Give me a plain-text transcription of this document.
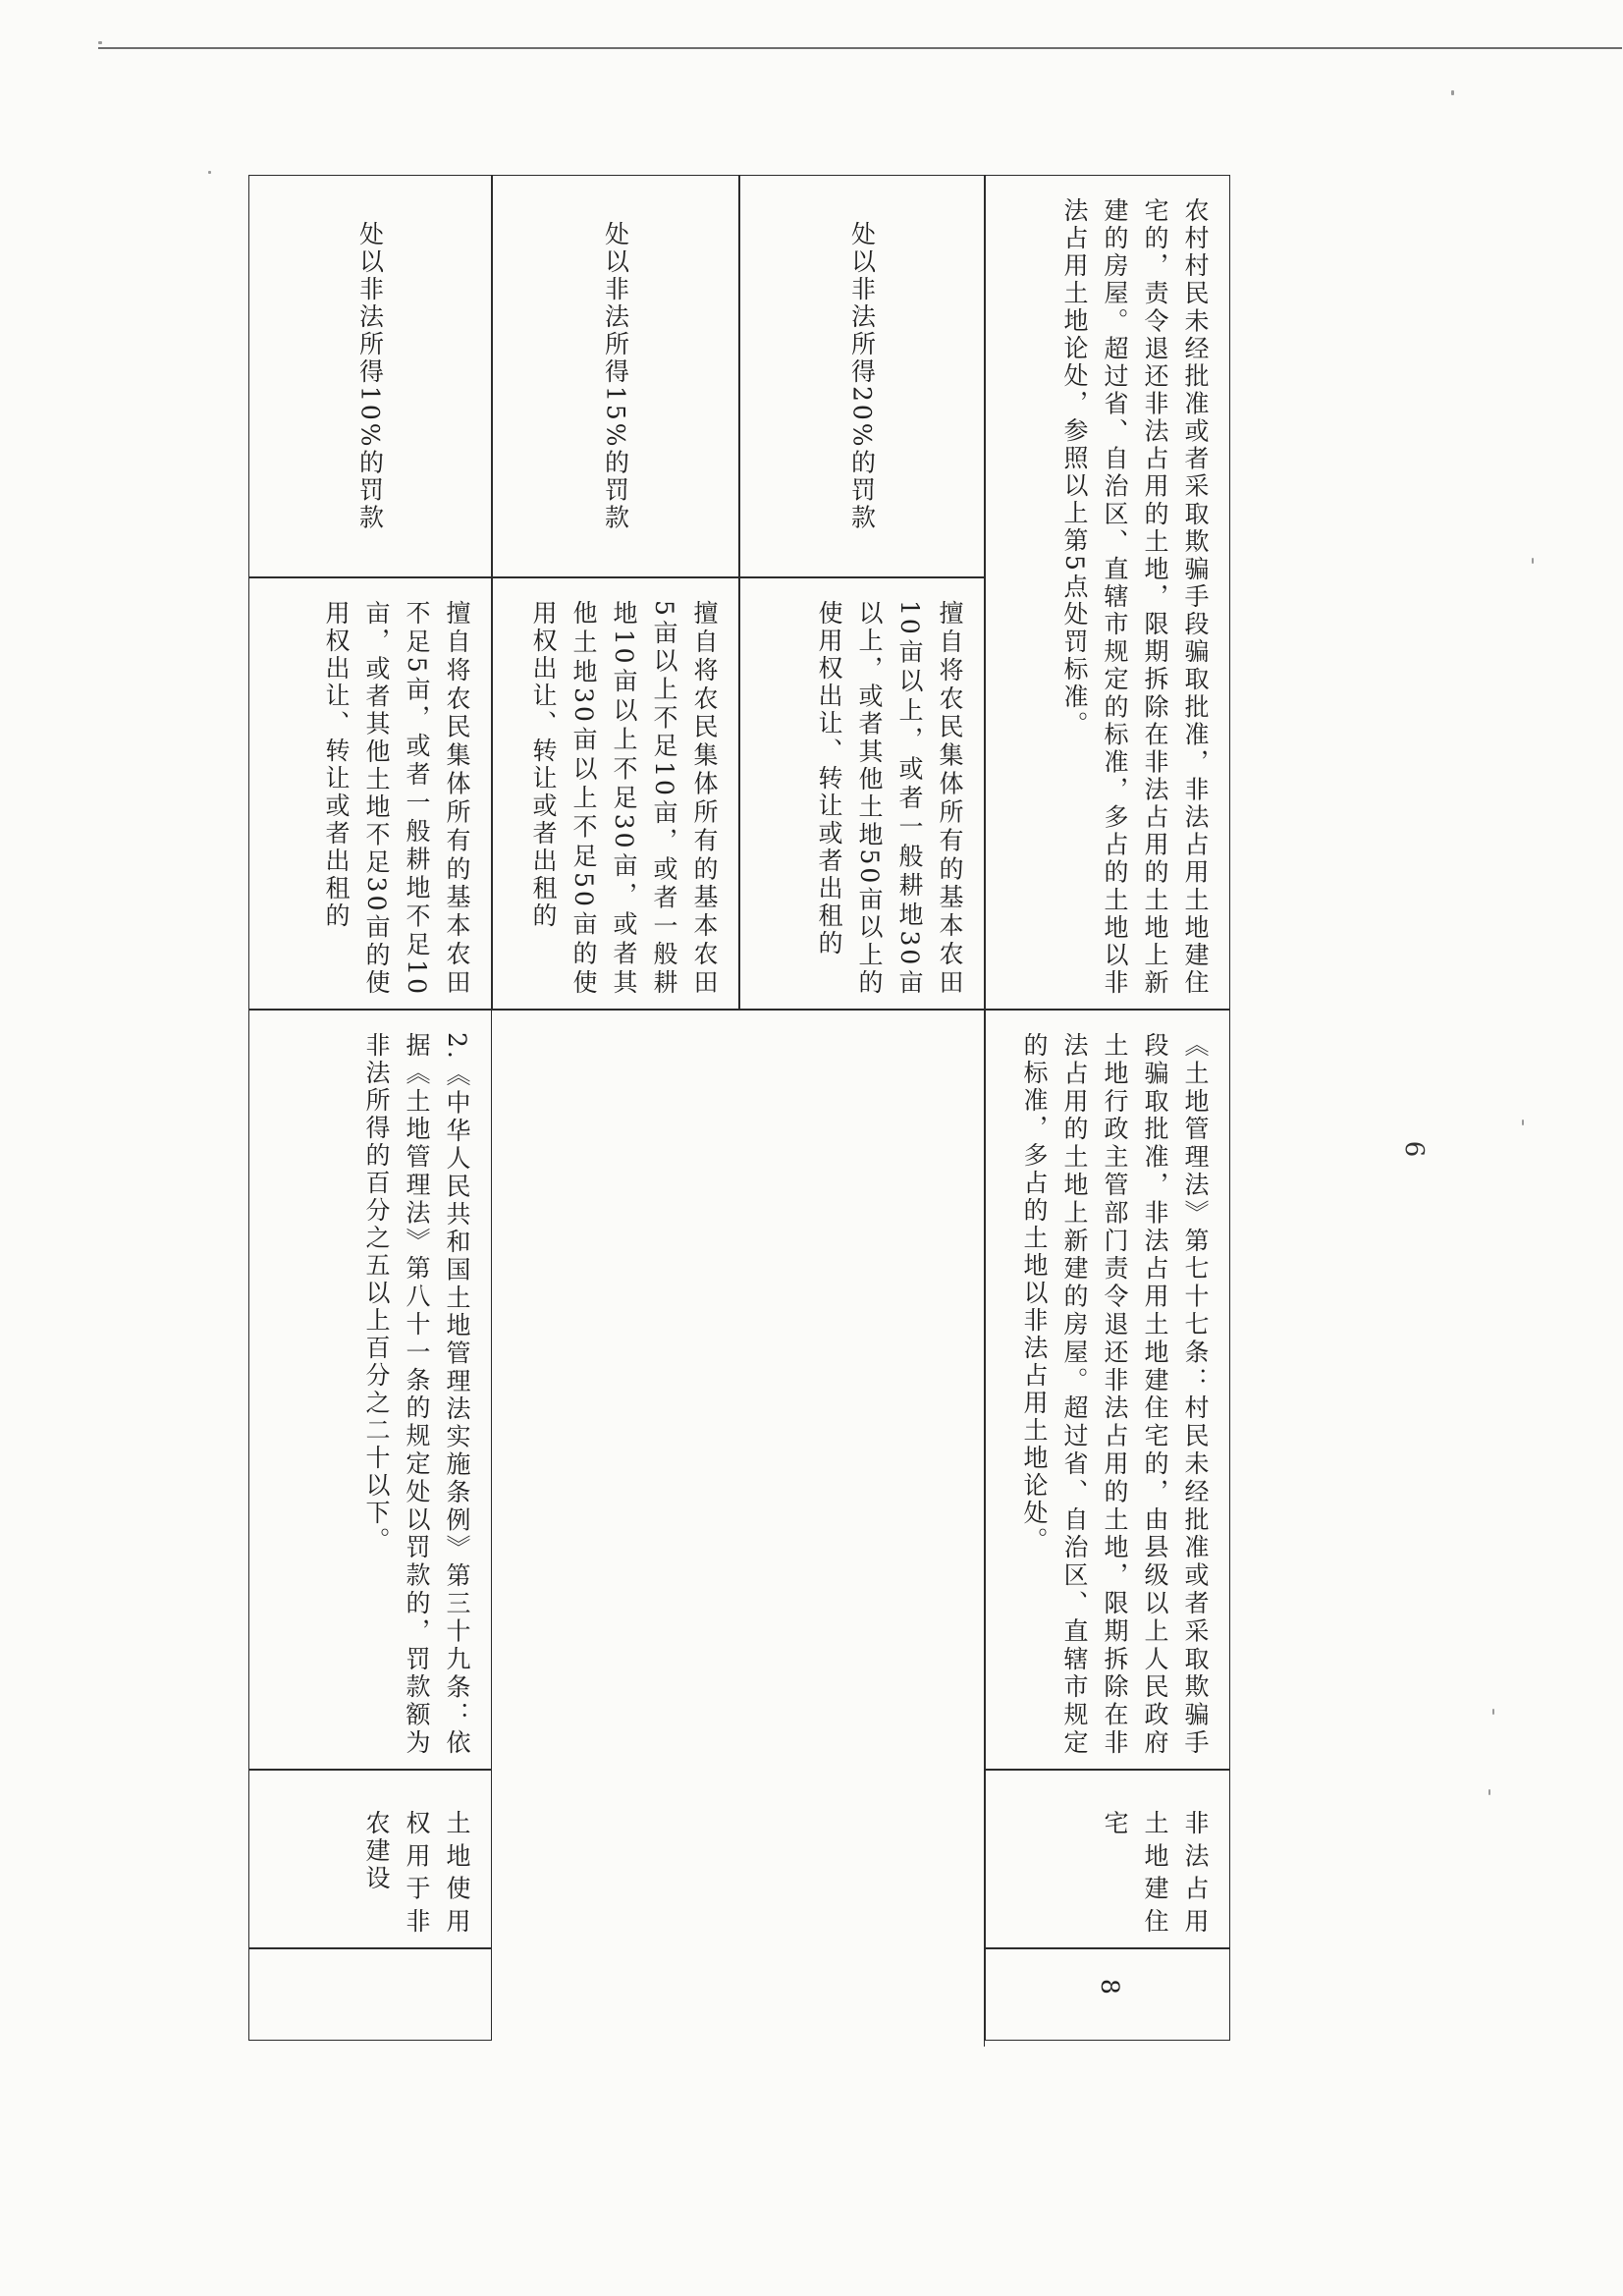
6
土地使用权用于非农建设
2.《中华人民共和国土地管理法实施条例》第三十九条：依据《土地管理法》第八十一条的规定处以罚款的，罚款额为非法所得的百分之五以上百分之二十以下。
擅自将农民集体所有的基本农田不足5亩，或者一般耕地不足10亩，或者其他土地不足30亩的使用权出让、转让或者出租的
处以非法所得10%的罚款
擅自将农民集体所有的基本农田5亩以上不足10亩，或者一般耕地10亩以上不足30亩，或者其他土地30亩以上不足50亩的使用权出让、转让或者出租的
处以非法所得15%的罚款
擅自将农民集体所有的基本农田10亩以上，或者一般耕地30亩以上，或者其他土地50亩以上的使用权出让、转让或者出租的
处以非法所得20%的罚款
8
非法占用土地建住宅
《土地管理法》第七十七条：村民未经批准或者采取欺骗手段骗取批准，非法占用土地建住宅的，由县级以上人民政府土地行政主管部门责令退还非法占用的土地，限期拆除在非法占用的土地上新建的房屋。超过省、自治区、直辖市规定的标准，多占的土地以非法占用土地论处。
农村村民未经批准或者采取欺骗手段骗取批准，非法占用土地建住宅的，责令退还非法占用的土地，限期拆除在非法占用的土地上新建的房屋。超过省、自治区、直辖市规定的标准，多占的土地以非法占用土地论处，参照以上第5点处罚标准。
